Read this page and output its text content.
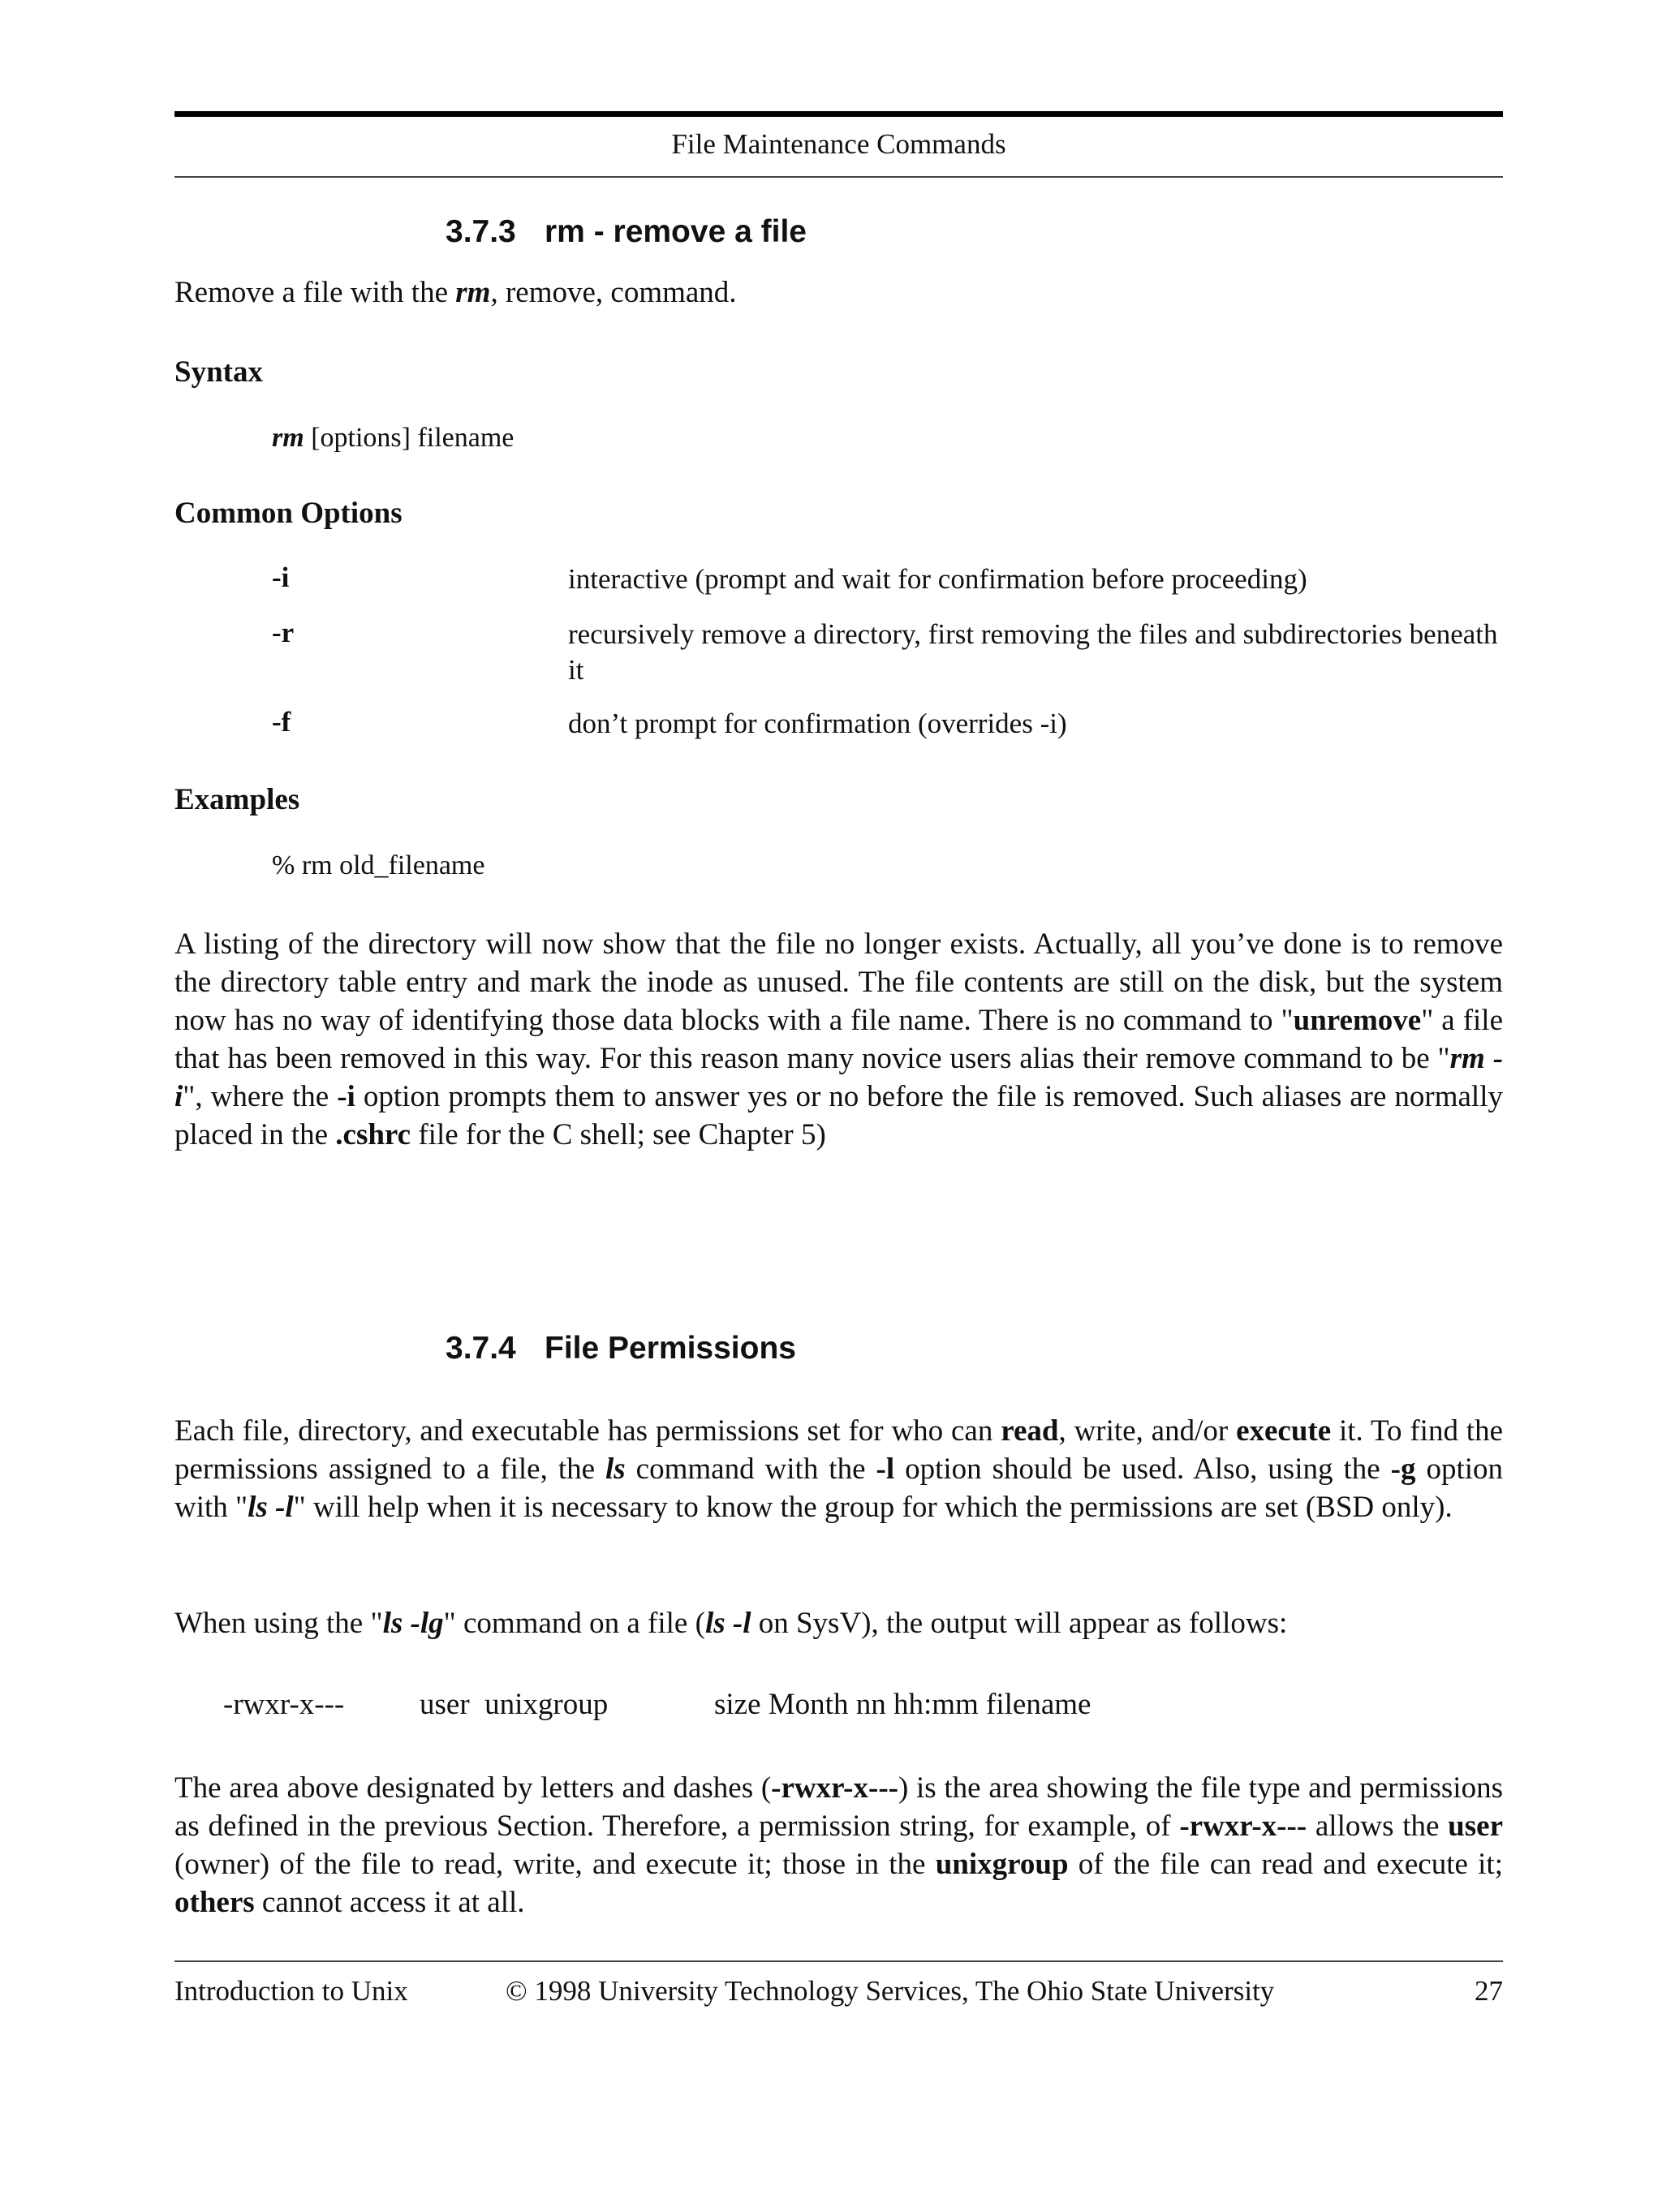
File Maintenance Commands
3.7.3 rm - remove a file
Remove a file with the rm, remove, command.
Syntax
rm [options] filename
Common Options
-i	interactive (prompt and wait for confirmation before proceeding)
-r	recursively remove a directory, first removing the files and subdirectories beneath it
-f	don’t prompt for confirmation (overrides -i)
Examples
% rm old_filename
A listing of the directory will now show that the file no longer exists. Actually, all you’ve done is to remove the directory table entry and mark the inode as unused. The file contents are still on the disk, but the system now has no way of identifying those data blocks with a file name. There is no command to "unremove" a file that has been removed in this way. For this reason many novice users alias their remove command to be "rm -i", where the -i option prompts them to answer yes or no before the file is removed. Such aliases are normally placed in the .cshrc file for the C shell; see Chapter 5)
3.7.4 File Permissions
Each file, directory, and executable has permissions set for who can read, write, and/or execute it. To find the permissions assigned to a file, the ls command with the -l option should be used. Also, using the -g option with "ls -l" will help when it is necessary to know the group for which the permissions are set (BSD only).
When using the "ls -lg" command on a file (ls -l on SysV), the output will appear as follows:
-rwxr-x---	user  unixgroup	size Month nn hh:mm filename
The area above designated by letters and dashes (-rwxr-x---) is the area showing the file type and permissions as defined in the previous Section. Therefore, a permission string, for example, of -rwxr-x--- allows the user (owner) of the file to read, write, and execute it; those in the unixgroup of the file can read and execute it; others cannot access it at all.
Introduction to Unix	© 1998 University Technology Services, The Ohio State University	27
